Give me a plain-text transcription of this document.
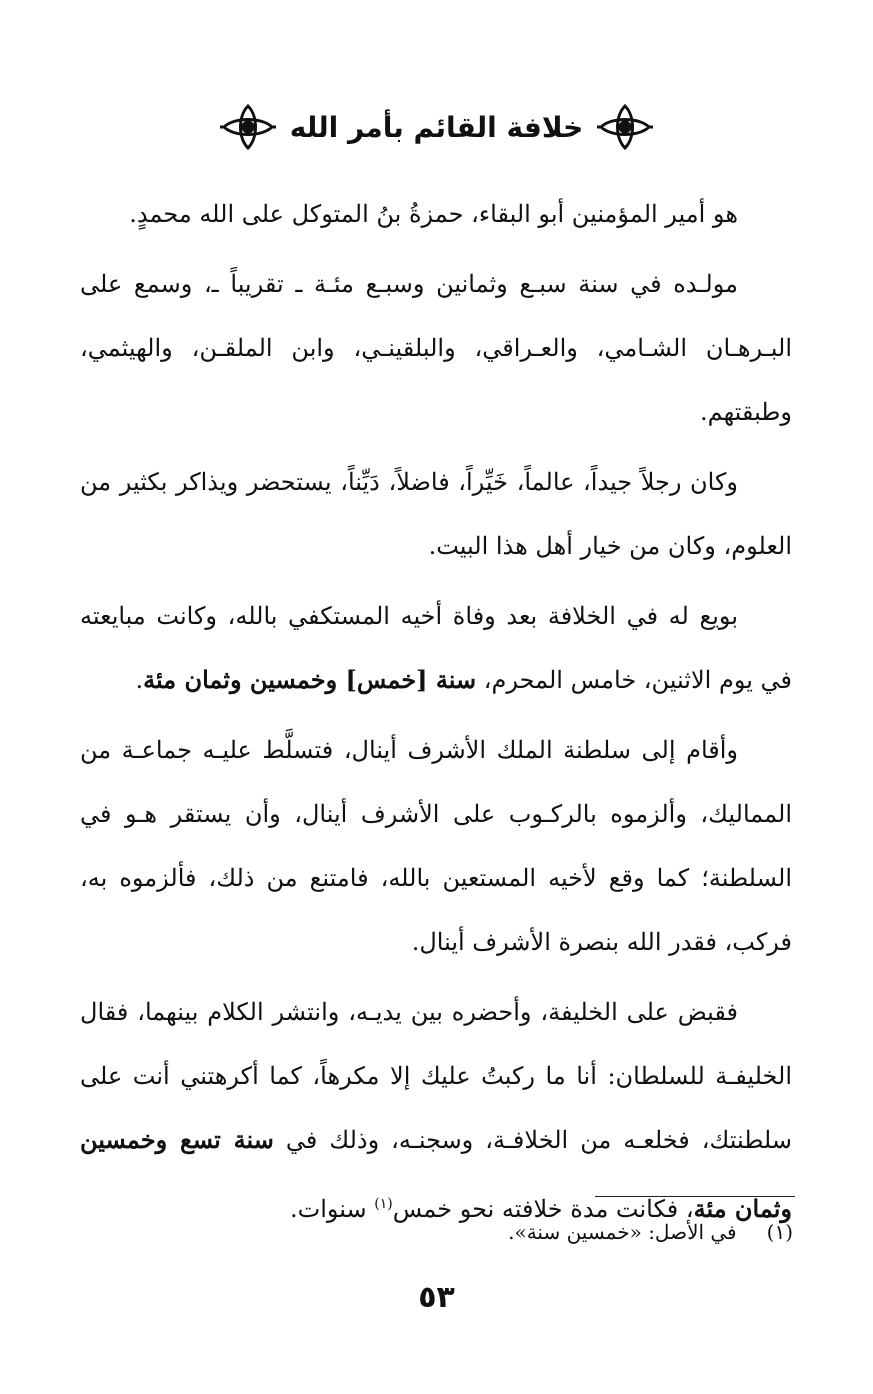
خلافة القائم بأمر الله

هو أمير المؤمنين أبو البقاء، حمزةُ بنُ المتوكل على الله محمدٍ.

مولـده في سنة سبـع وثمانين وسبـع مئـة ـ تقريباً ـ، وسمع على البـرهـان الشـامي، والعـراقي، والبلقينـي، وابن الملقـن، والهيثمي، وطبقتهم.

وكان رجلاً جيداً، عالماً، خَيِّراً، فاضلاً، دَيِّناً، يستحضر ويذاكر بكثير من العلوم، وكان من خيار أهل هذا البيت.

بويع له في الخلافة بعد وفاة أخيه المستكفي بالله، وكانت مبايعته في يوم الاثنين، خامس المحرم، سنة [خمس] وخمسين وثمان مئة.

وأقام إلى سلطنة الملك الأشرف أينال، فتسلَّط عليـه جماعـة من المماليك، وألزموه بالركـوب على الأشرف أينال، وأن يستقر هـو في السلطنة؛ كما وقع لأخيه المستعين بالله، فامتنع من ذلك، فألزموه به، فركب، فقدر الله بنصرة الأشرف أينال.

فقبض على الخليفة، وأحضره بين يديـه، وانتشر الكلام بينهما، فقال الخليفـة للسلطان: أنا ما ركبتُ عليك إلا مكرهاً، كما أكرهتني أنت على سلطنتك، فخلعـه من الخلافـة، وسجنـه، وذلك في سنة تسع وخمسين وثمان مئة، فكانت مدة خلافته نحو خمس$^{(١)}$ سنوات.

(١)
في الأصل: «خمسين سنة».
٥٣
